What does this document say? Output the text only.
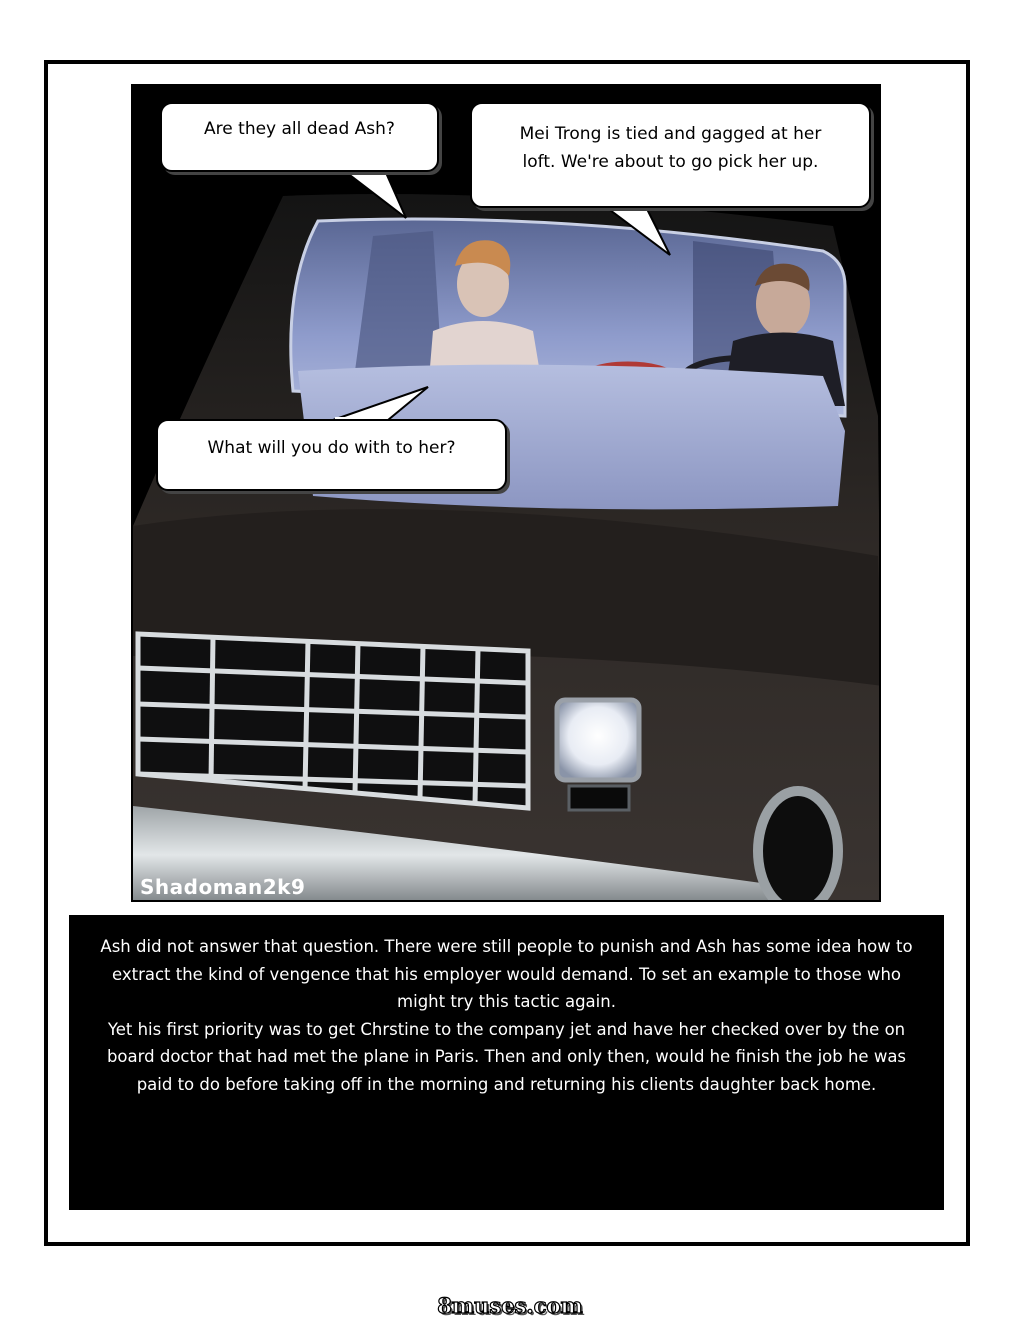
Are they all dead Ash?	Mei Trong is tied and gagged at her
loft. We're about to go pick her up.
What will you do with to her?
Shadoman2k9

Ash did not answer that question. There were still people to punish and Ash has some idea how to extract the kind of vengence that his employer would demand. To set an example to those who might try this tactic again.

Yet his first priority was to get Chrstine to the company jet and have her checked over by the on board doctor that had met the plane in Paris. Then and only then, would he finish the job he was paid to do before taking off in the morning and returning his clients daughter back home.

8muses.com
